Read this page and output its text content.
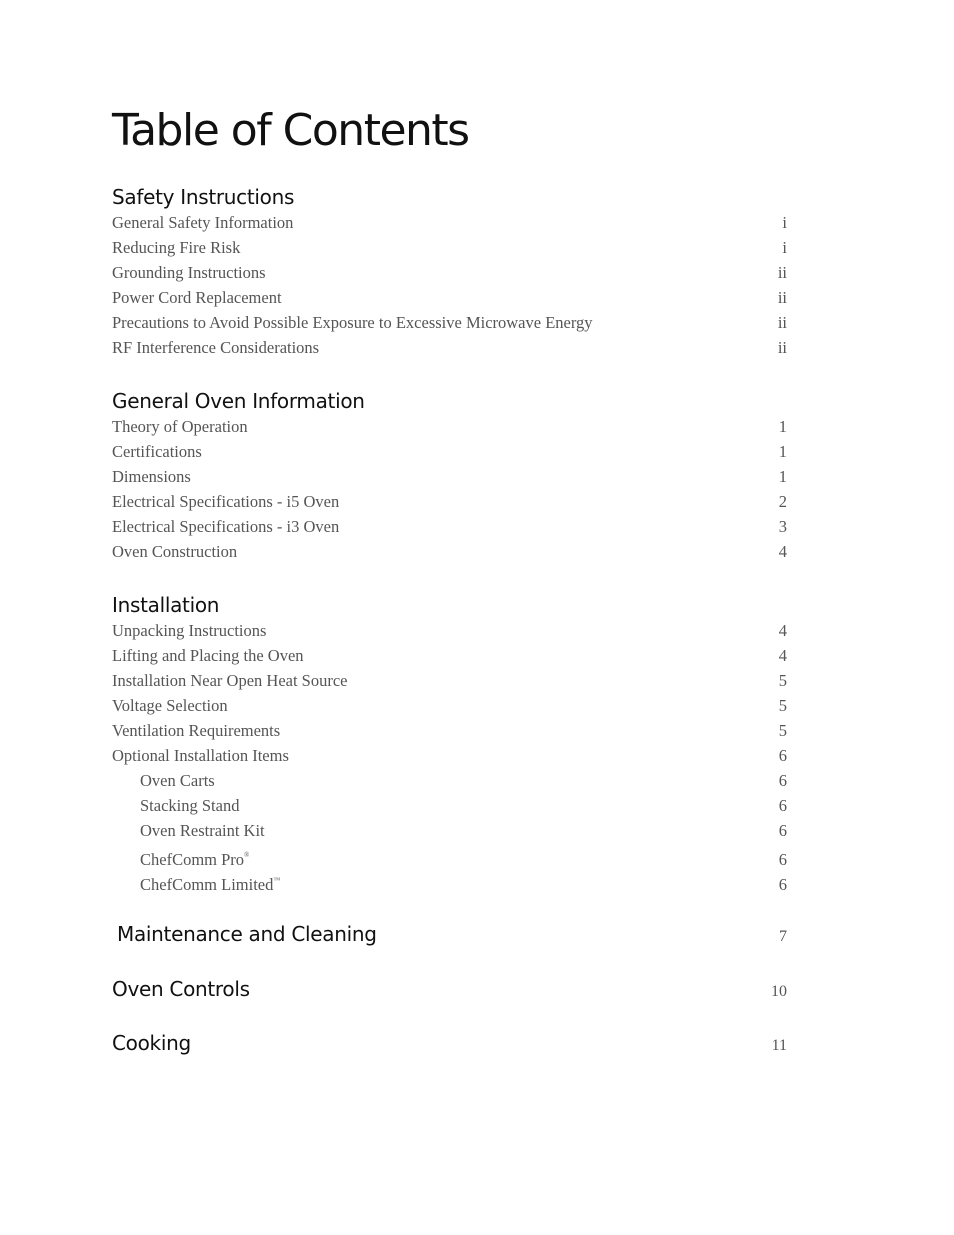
Table of Contents
Safety Instructions
General Safety Information	i
Reducing Fire Risk	i
Grounding Instructions	ii
Power Cord Replacement	ii
Precautions to Avoid Possible Exposure to Excessive Microwave Energy	ii
RF Interference Considerations	ii
General Oven Information
Theory of Operation	1
Certifications	1
Dimensions	1
Electrical Specifications - i5 Oven	2
Electrical Specifications - i3 Oven	3
Oven Construction	4
Installation
Unpacking Instructions	4
Lifting and Placing the Oven	4
Installation Near Open Heat Source	5
Voltage Selection	5
Ventilation Requirements	5
Optional Installation Items	6
Oven Carts	6
Stacking Stand	6
Oven Restraint Kit	6
ChefComm Pro®	6
ChefComm Limited™	6
Maintenance and Cleaning	7
Oven Controls	10
Cooking	11
